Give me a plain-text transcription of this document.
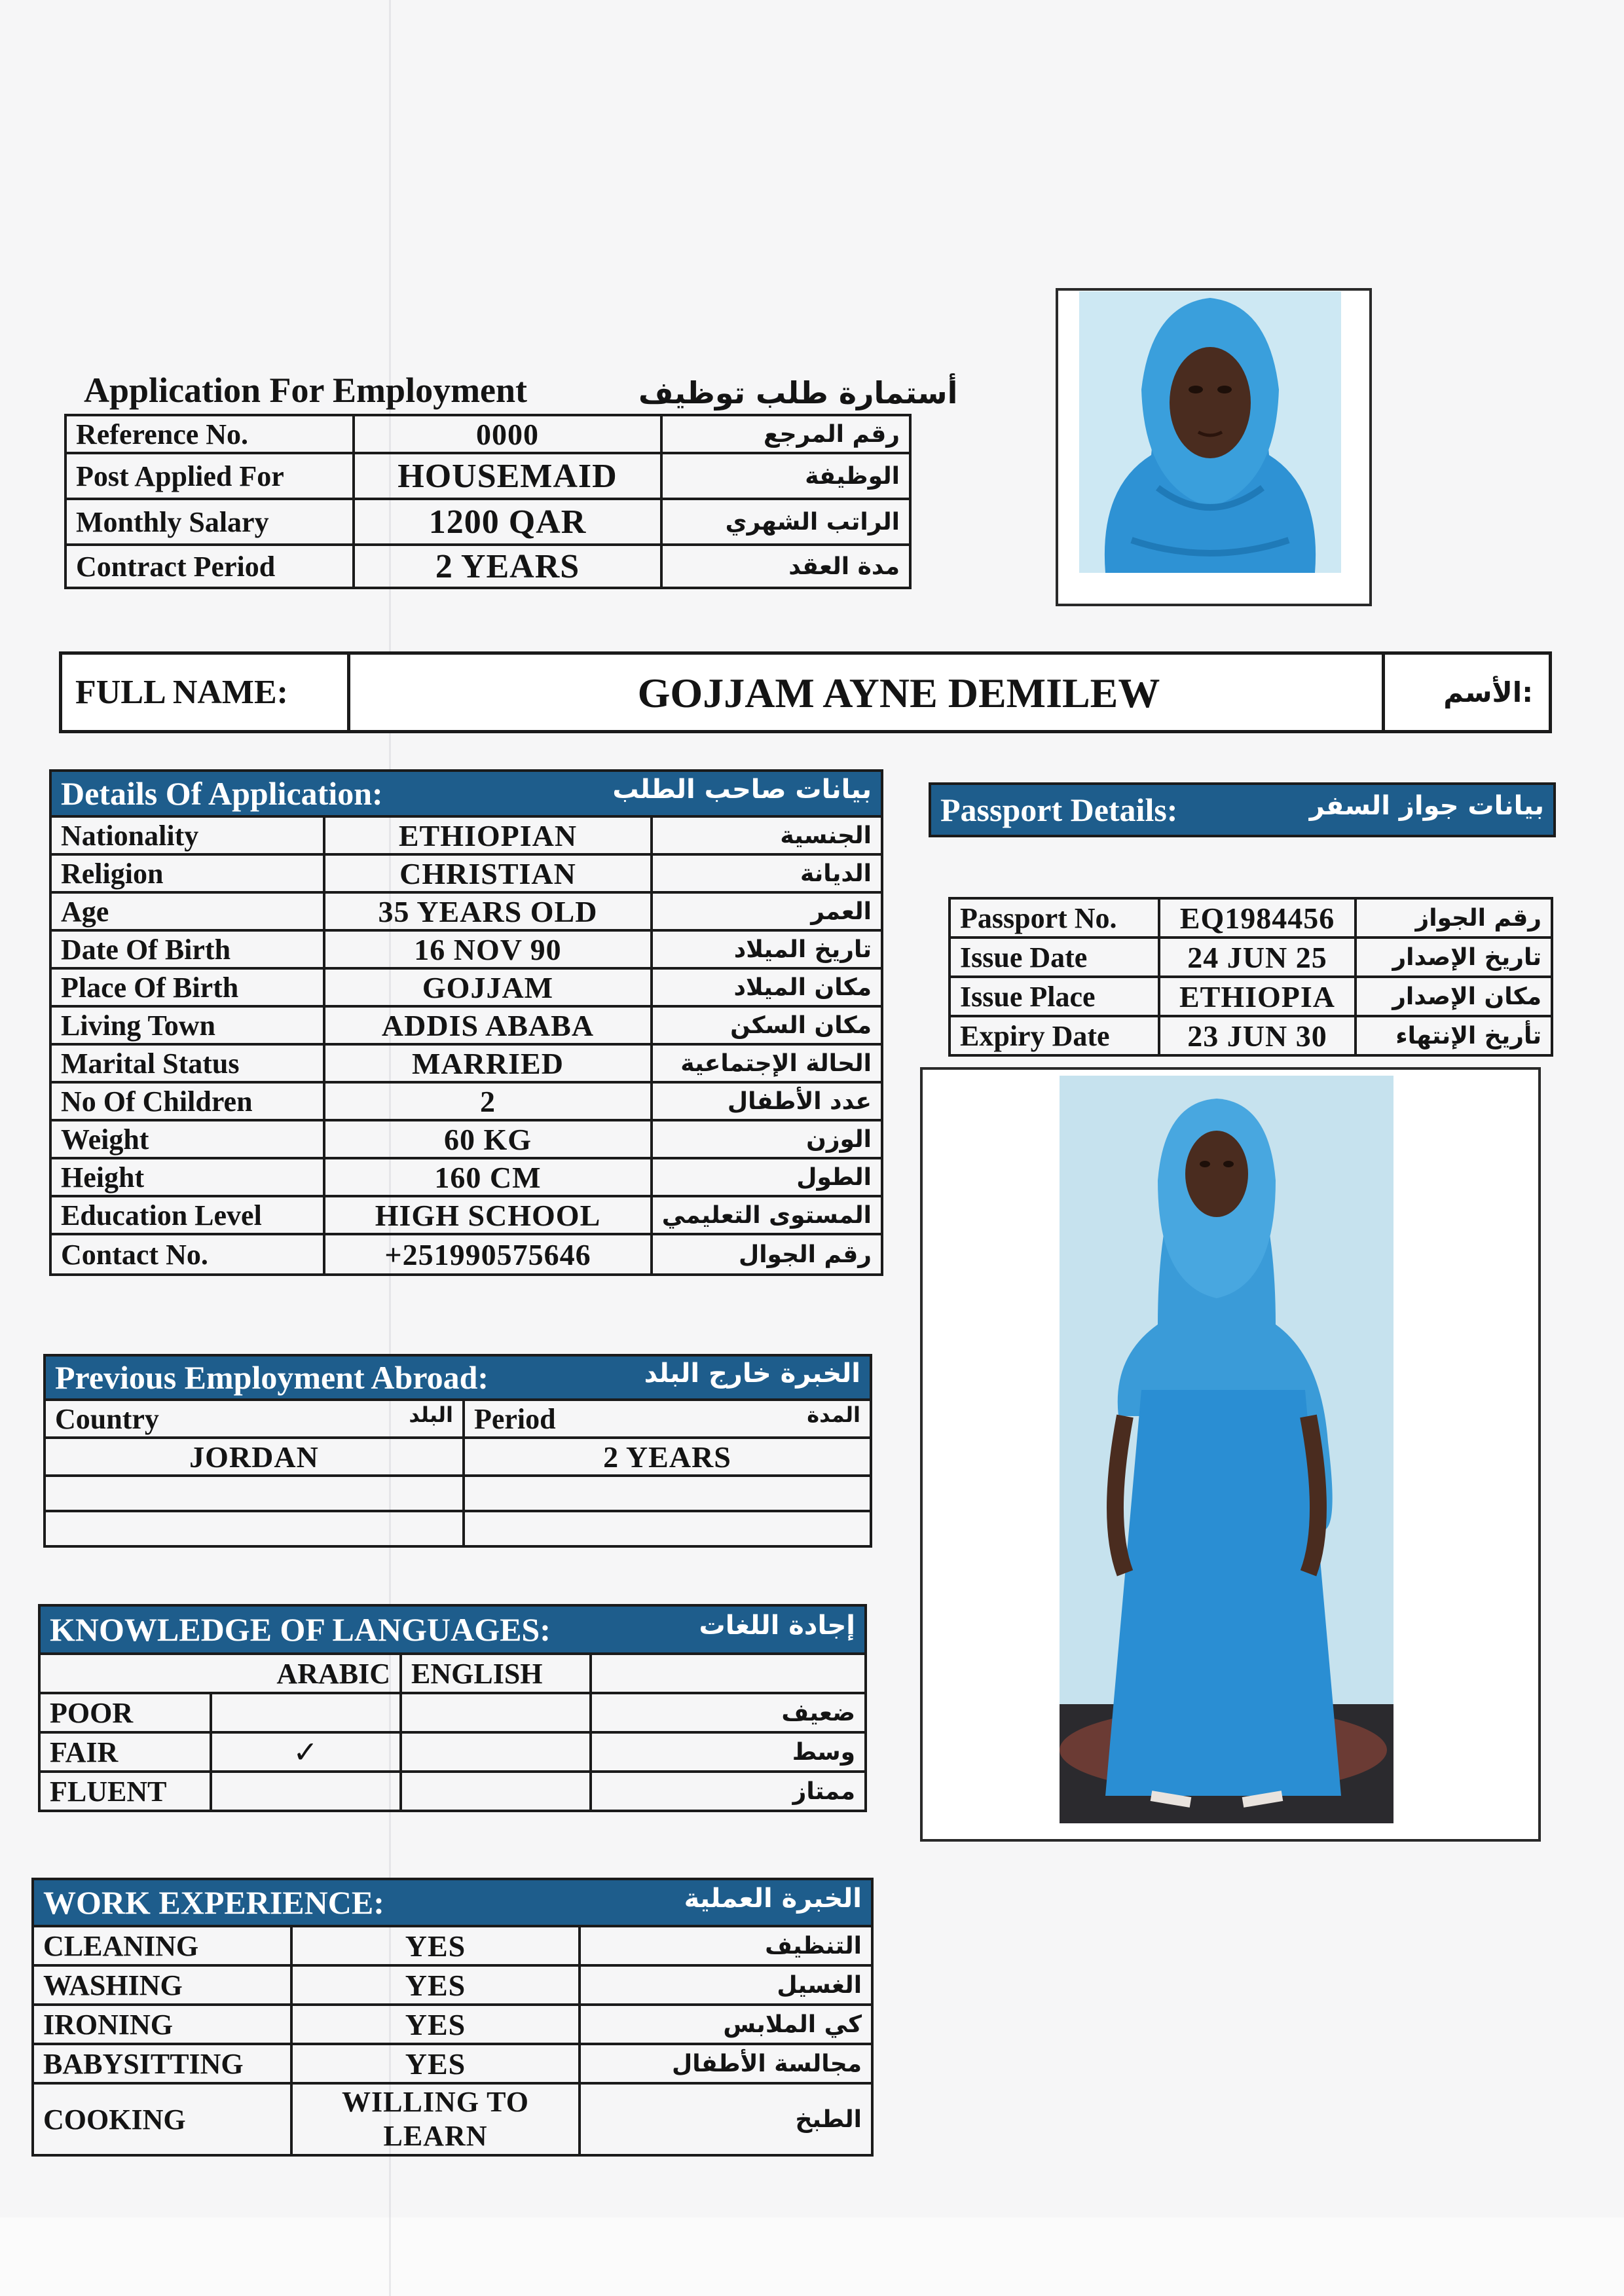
Application For Employment	أستمارة طلب توظيف
Reference No.	0000	رقم المرجع
Post Applied For	HOUSEMAID	الوظيفة
Monthly Salary	1200 QAR	الراتب الشهري
Contract Period	2 YEARS	مدة العقد
FULL NAME:	GOJJAM AYNE DEMILEW	الأسم:
Details Of Application: بيانات صاحب الطلب		

Nationality	ETHIOPIAN	الجنسية
Religion	CHRISTIAN	الديانة
Age	35 YEARS OLD	العمر
Date Of Birth	16 NOV 90	تاريخ الميلاد
Place Of Birth	GOJJAM	مكان الميلاد
Living Town	ADDIS ABABA	مكان السكن
Marital Status	MARRIED	الحالة الإجتماعية
No Of Children	2	عدد الأطفال
Weight	60 KG	الوزن
Height	160 CM	الطول
Education Level	HIGH SCHOOL	المستوى التعليمي
Contact No.	+251990575646	رقم الجوال
Passport Details:	بيانات جواز السفر
Passport No.	EQ1984456	رقم الجواز
Issue Date	24 JUN 25	تاريخ الإصدار
Issue Place	ETHIOPIA	مكان الإصدار
Expiry Date	23 JUN 30	تأريخ الإنتهاء
Previous Employment Abroad: الخبرة خارج البلد	

Country البلد	Period المدة

JORDAN	2 YEARS

KNOWLEDGE OF LANGUAGES: إجادة اللغات			

	ARABIC	ENGLISH	
POOR			ضعيف
FAIR	✓		وسط
FLUENT			ممتاز
WORK EXPERIENCE: الخبرة العملية		

CLEANING	YES	التنظيف
WASHING	YES	الغسيل
IRONING	YES	كي الملابس
BABYSITTING	YES	مجالسة الأطفال
COOKING	WILLING TO LEARN	الطبخ
